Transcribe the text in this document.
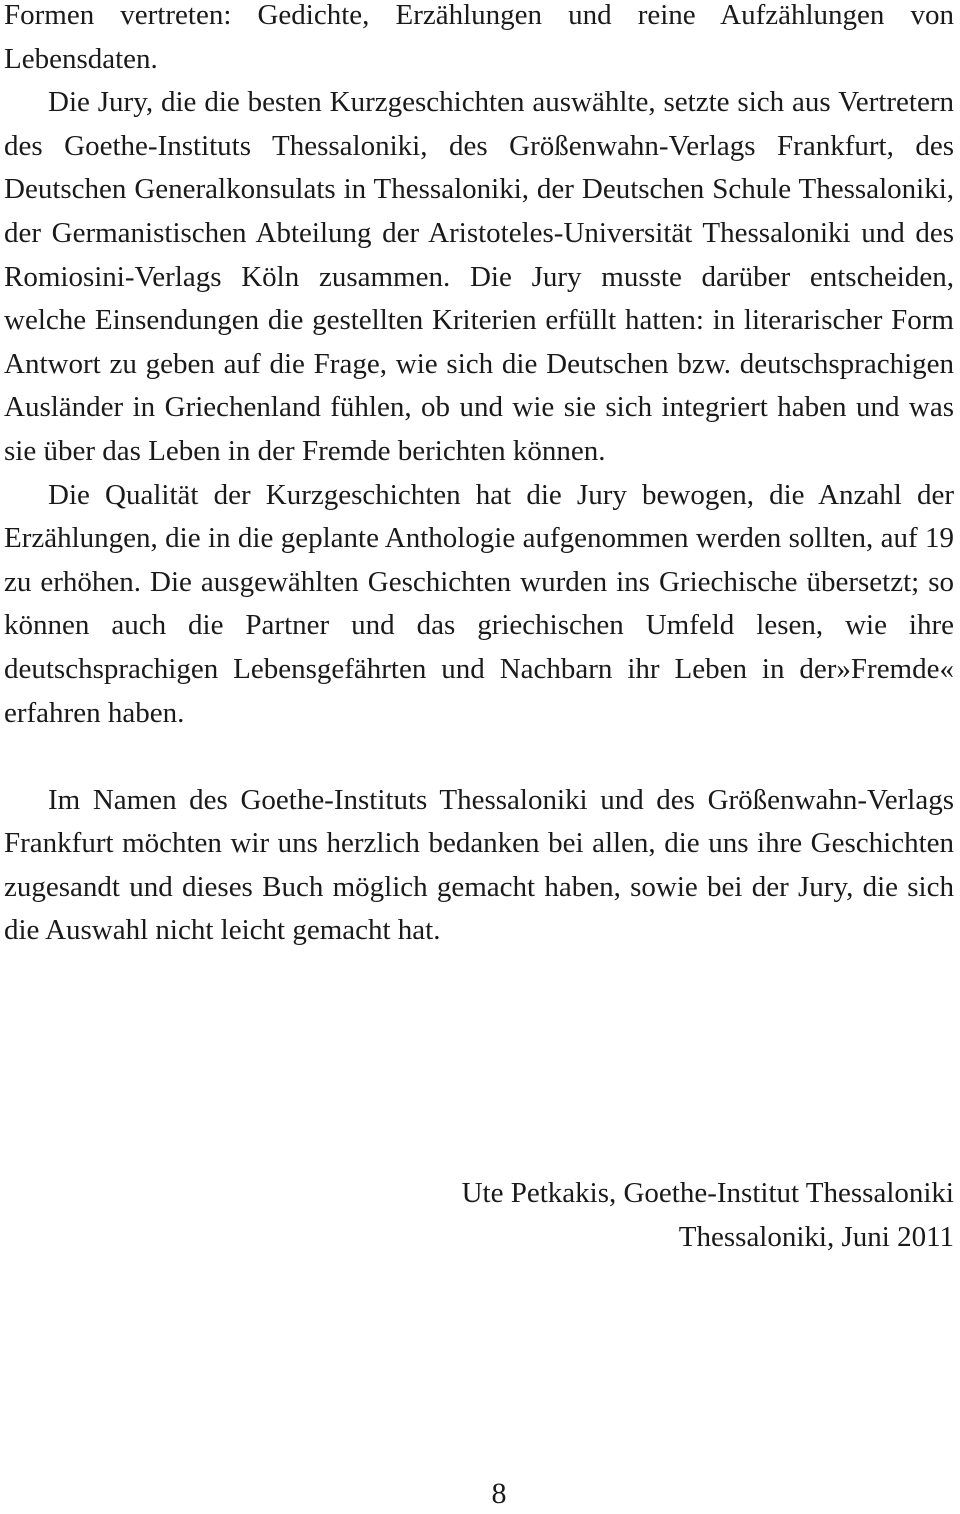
Formen vertreten: Gedichte, Erzählungen und reine Aufzählungen von Lebensdaten.

Die Jury, die die besten Kurzgeschichten auswählte, setzte sich aus Vertretern des Goethe-Instituts Thessaloniki, des Größenwahn-Verlags Frankfurt, des Deutschen Generalkonsulats in Thessaloniki, der Deutschen Schule Thessaloniki, der Germanistischen Abteilung der Aristoteles-Universität Thessaloniki und des Romiosini-Verlags Köln zusammen. Die Jury musste darüber entscheiden, welche Einsendungen die gestellten Kriterien erfüllt hatten: in literarischer Form Antwort zu geben auf die Frage, wie sich die Deutschen bzw. deutschsprachigen Ausländer in Griechenland fühlen, ob und wie sie sich integriert haben und was sie über das Leben in der Fremde berichten können.

Die Qualität der Kurzgeschichten hat die Jury bewogen, die Anzahl der Erzählungen, die in die geplante Anthologie aufgenommen werden sollten, auf 19 zu erhöhen. Die ausgewählten Geschichten wurden ins Griechische übersetzt; so können auch die Partner und das griechischen Umfeld lesen, wie ihre deutschsprachigen Lebensgefährten und Nachbarn ihr Leben in der»Fremde« erfahren haben.

Im Namen des Goethe-Instituts Thessaloniki und des Größenwahn-Verlags Frankfurt möchten wir uns herzlich bedanken bei allen, die uns ihre Geschichten zugesandt und dieses Buch möglich gemacht haben, sowie bei der Jury, die sich die Auswahl nicht leicht gemacht hat.

Ute Petkakis, Goethe-Institut Thessaloniki
Thessaloniki, Juni 2011
8
